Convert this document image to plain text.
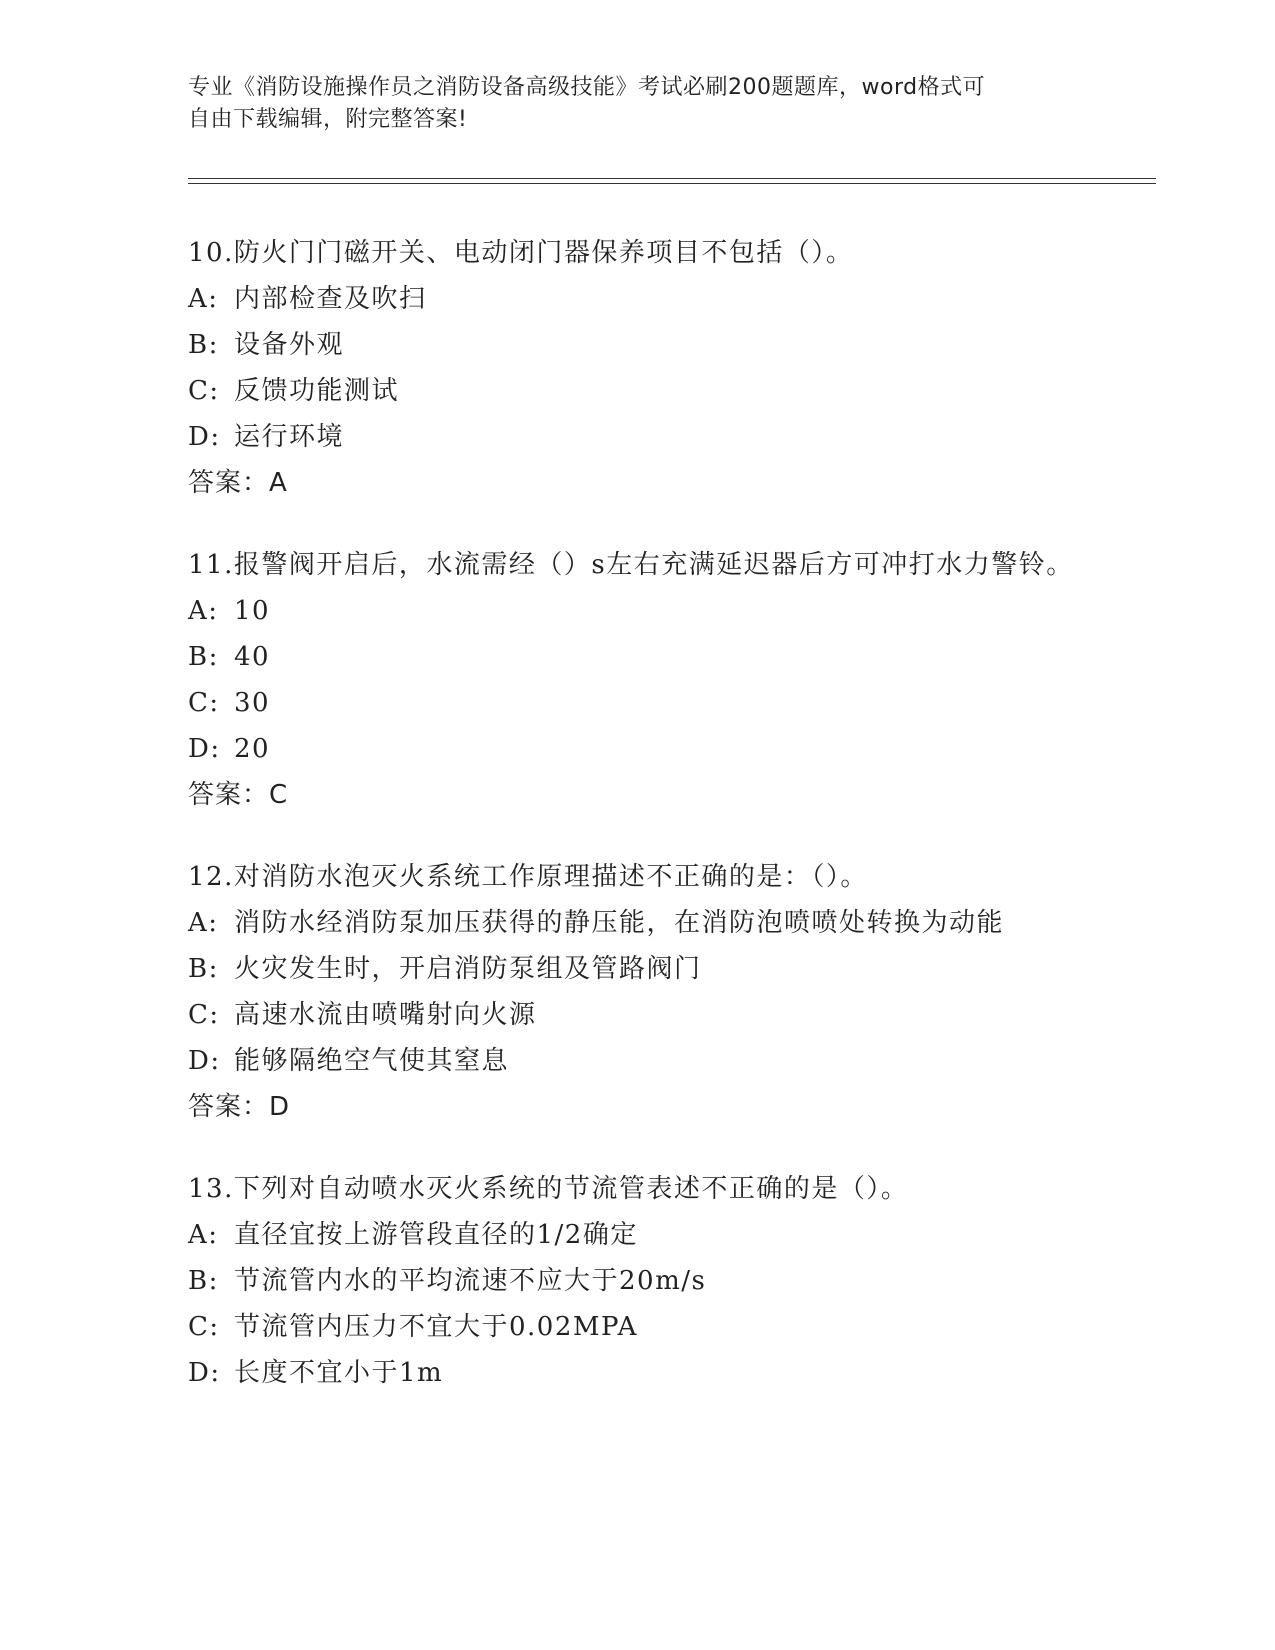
专业《消防设施操作员之消防设备高级技能》考试必刷200题题库，word格式可
自由下载编辑，附完整答案!
10.防火门门磁开关、电动闭门器保养项目不包括（）。
A: 内部检查及吹扫
B: 设备外观
C: 反馈功能测试
D: 运行环境
答案：A
11.报警阀开启后，水流需经（）s左右充满延迟器后方可冲打水力警铃。
A: 10
B: 40
C: 30
D: 20
答案：C
12.对消防水泡灭火系统工作原理描述不正确的是：（）。
A: 消防水经消防泵加压获得的静压能，在消防泡喷喷处转换为动能
B: 火灾发生时，开启消防泵组及管路阀门
C: 高速水流由喷嘴射向火源
D: 能够隔绝空气使其窒息
答案：D
13.下列对自动喷水灭火系统的节流管表述不正确的是（）。
A: 直径宜按上游管段直径的1/2确定
B: 节流管内水的平均流速不应大于20m/s
C: 节流管内压力不宜大于0.02MPA
D: 长度不宜小于1m
